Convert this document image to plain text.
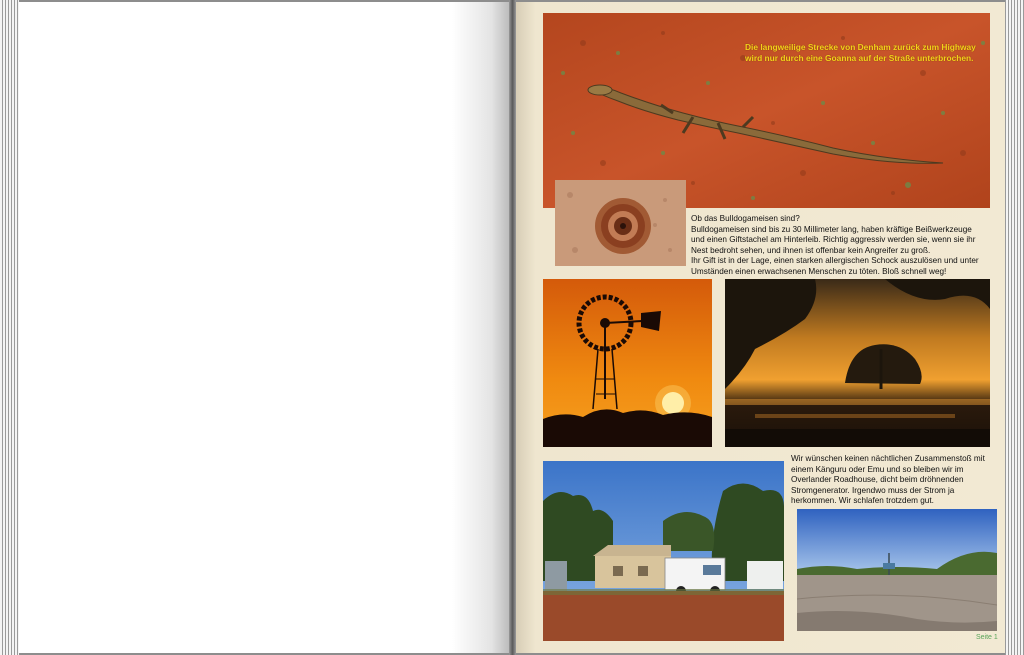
Die langweilige Strecke von Denham zurück zum Highway
wird nur durch eine Goanna auf der Straße unterbrochen.
Ob das Bulldogameisen sind?
Bulldogameisen sind bis zu 30 Millimeter lang, haben kräftige Beißwerkzeuge
und einen Giftstachel am Hinterleib. Richtig aggressiv werden sie, wenn sie ihr
Nest bedroht sehen, und ihnen ist offenbar kein Angreifer zu groß.
Ihr Gift ist in der Lage, einen starken allergischen Schock auszulösen und unter
Umständen einen erwachsenen Menschen zu töten. Bloß schnell weg!
Wir wünschen keinen nächtlichen Zusammenstoß mit
einem Känguru oder Emu und so bleiben wir im
Overlander Roadhouse, dicht beim dröhnenden
Stromgenerator. Irgendwo muss der Strom ja
herkommen. Wir schlafen trotzdem gut.
Seite 1
